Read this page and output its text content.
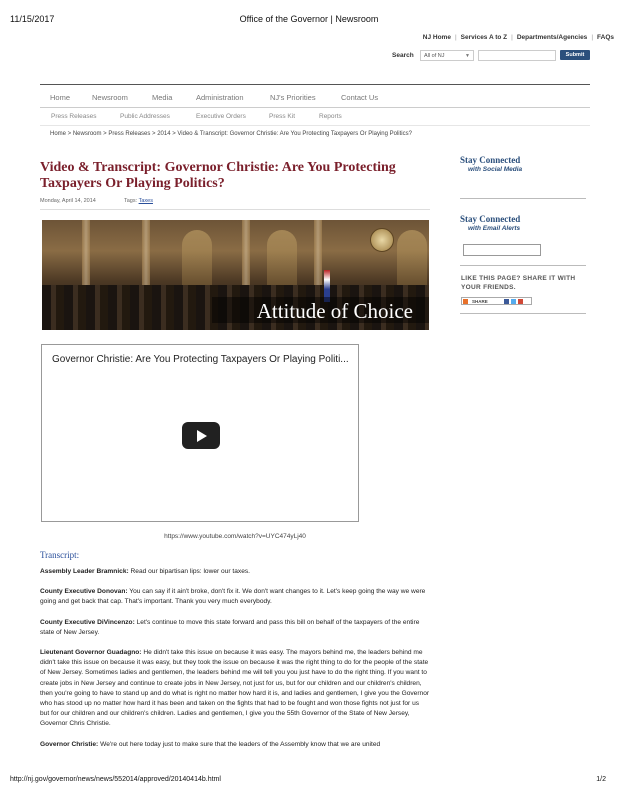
11/15/2017	Office of the Governor | Newsroom
NJ Home | Services A to Z | Departments/Agencies | FAQs
Search	All of NJ	▼	Submit
Home	Newsroom	Media	Administration	NJ's Priorities	Contact Us
Press Releases	Public Addresses	Executive Orders	Press Kit	Reports
Home > Newsroom > Press Releases > 2014 > Video & Transcript: Governor Christie: Are You Protecting Taxpayers Or Playing Politics?
Video & Transcript: Governor Christie: Are You Protecting Taxpayers Or Playing Politics?
Monday, April 14, 2014	Tags: Taxes
Attitude of Choice
Governor Christie: Are You Protecting Taxpayers Or Playing Politi...
https://www.youtube.com/watch?v=UYC474yLj40
Transcript:

Assembly Leader Bramnick: Read our bipartisan lips: lower our taxes.

County Executive Donovan: You can say if it ain't broke, don't fix it. We don't want changes to it. Let's keep going the way we were going and get back that cap. That's important. Thank you very much everybody.

County Executive DiVincenzo: Let's continue to move this state forward and pass this bill on behalf of the taxpayers of the entire state of New Jersey.

Lieutenant Governor Guadagno: He didn't take this issue on because it was easy. The mayors behind me, the leaders behind me didn't take this issue on because it was easy, but they took the issue on because it was the right thing to do for the people of the state of New Jersey. Sometimes ladies and gentlemen, the leaders behind me will tell you you just have to do the right thing. If you want to create jobs in New Jersey and continue to create jobs in New Jersey, not just for us, but for our children and our children's children, then you're going to have to stand up and do what is right no matter how hard it is, and ladies and gentlemen, I give you the Governor who has stood up no matter how hard it has been and taken on the fights that had to be fought and won those fights not just for us but for our children and our children's children. Ladies and gentlemen, I give you the 55th Governor of the State of New Jersey, Governor Chris Christie.

Governor Christie: We're out here today just to make sure that the leaders of the Assembly know that we are united

Stay Connected
with Social Media
Stay Connected
with Email Alerts
LIKE THIS PAGE? SHARE IT WITH YOUR FRIENDS.
SHARE
http://nj.gov/governor/news/news/552014/approved/20140414b.html	1/2
